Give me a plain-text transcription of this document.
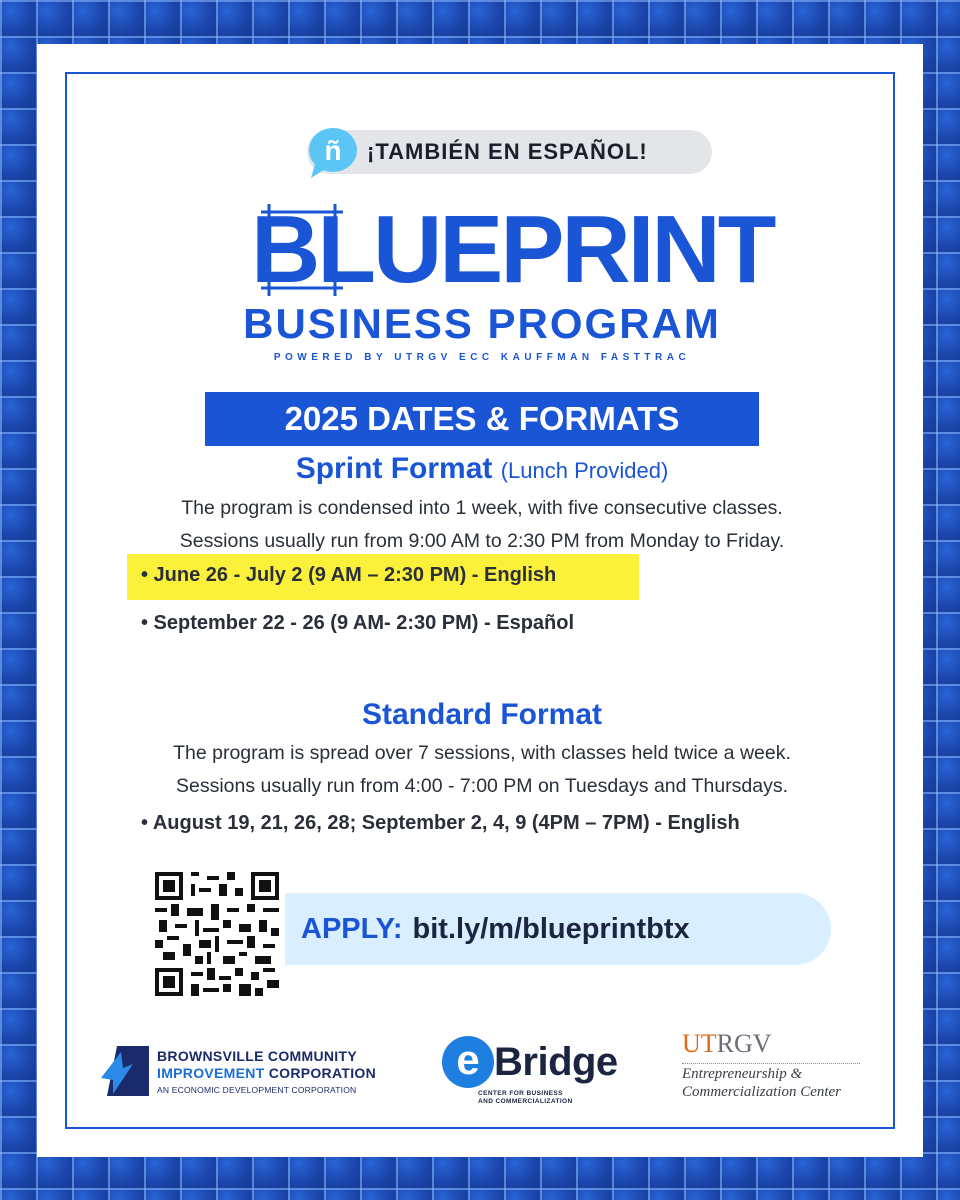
¡TAMBIÉN EN ESPAÑOL!
ñ
BLUEPRINT
BUSINESS PROGRAM
POWERED BY UTRGV ECC KAUFFMAN FASTTRAC
2025 DATES & FORMATS
Sprint Format (Lunch Provided)
The program is condensed into 1 week, with five consecutive classes.
Sessions usually run from 9:00 AM to 2:30 PM from Monday to Friday.
• June 26 - July 2 (9 AM – 2:30 PM) - English
• September 22 - 26 (9 AM- 2:30 PM) - Español
Standard Format
The program is spread over 7 sessions, with classes held twice a week.
Sessions usually run from 4:00 - 7:00 PM on Tuesdays and Thursdays.
• August 19, 21, 26, 28; September 2, 4, 9 (4PM – 7PM) - English
APPLY: bit.ly/m/blueprintbtx
BROWNSVILLE COMMUNITY
IMPROVEMENT CORPORATION
AN ECONOMIC DEVELOPMENT CORPORATION
e Bridge
CENTER FOR BUSINESS
AND COMMERCIALIZATION
UTRGV
Entrepreneurship &
Commercialization Center
